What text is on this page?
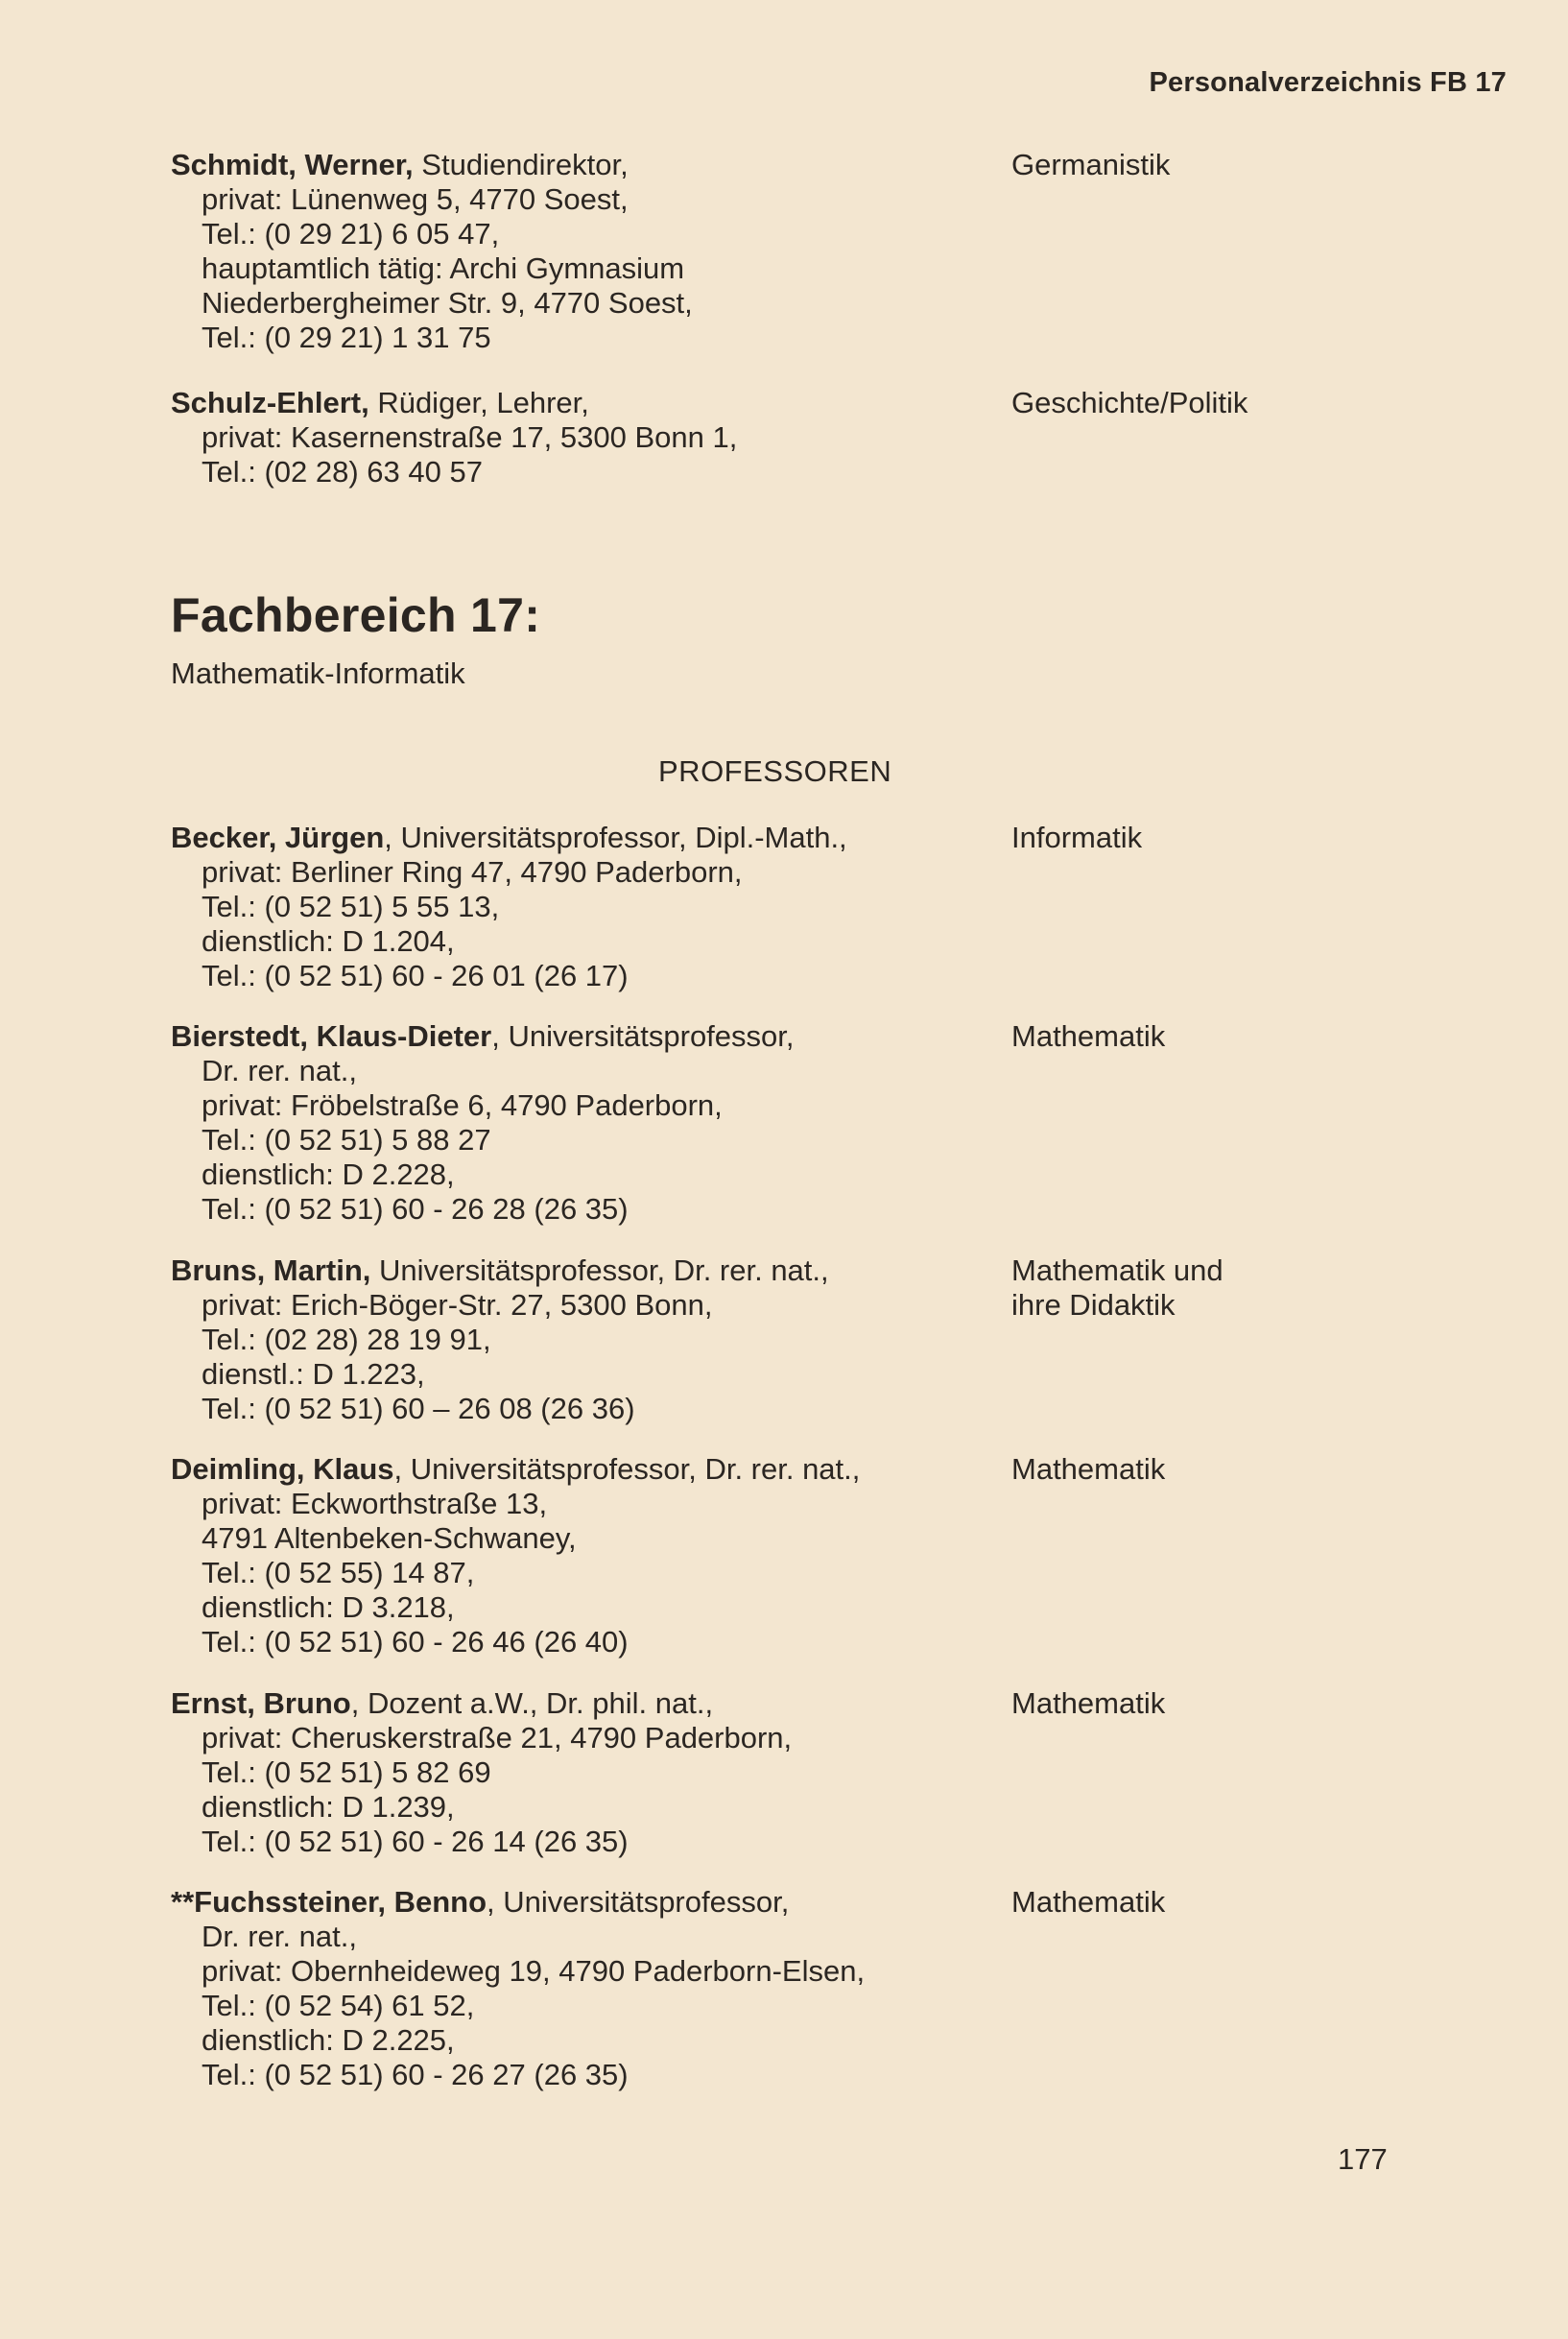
Personalverzeichnis FB 17
Schmidt, Werner, Studiendirektor,
privat: Lünenweg 5, 4770 Soest,
Tel.: (0 29 21) 6 05 47,
hauptamtlich tätig: Archi Gymnasium
Niederbergheimer Str. 9, 4770 Soest,
Tel.: (0 29 21) 1 31 75
Germanistik
Schulz-Ehlert, Rüdiger, Lehrer,
privat: Kasernenstraße 17, 5300 Bonn 1,
Tel.: (02 28) 63 40 57
Geschichte/Politik
Fachbereich 17:
Mathematik-Informatik
PROFESSOREN
Becker, Jürgen, Universitätsprofessor, Dipl.-Math.,
privat: Berliner Ring 47, 4790 Paderborn,
Tel.: (0 52 51) 5 55 13,
dienstlich: D 1.204,
Tel.: (0 52 51) 60 - 26 01 (26 17)
Informatik
Bierstedt, Klaus-Dieter, Universitätsprofessor,
Dr. rer. nat.,
privat: Fröbelstraße 6, 4790 Paderborn,
Tel.: (0 52 51) 5 88 27
dienstlich: D 2.228,
Tel.: (0 52 51) 60 - 26 28 (26 35)
Mathematik
Bruns, Martin, Universitätsprofessor, Dr. rer. nat.,
privat: Erich-Böger-Str. 27, 5300 Bonn,
Tel.: (02 28) 28 19 91,
dienstl.: D 1.223,
Tel.: (0 52 51) 60 – 26 08 (26 36)
Mathematik und
ihre Didaktik
Deimling, Klaus, Universitätsprofessor, Dr. rer. nat.,
privat: Eckworthstraße 13,
4791 Altenbeken-Schwaney,
Tel.: (0 52 55) 14 87,
dienstlich: D 3.218,
Tel.: (0 52 51) 60 - 26 46 (26 40)
Mathematik
Ernst, Bruno, Dozent a.W., Dr. phil. nat.,
privat: Cheruskerstraße 21, 4790 Paderborn,
Tel.: (0 52 51) 5 82 69
dienstlich: D 1.239,
Tel.: (0 52 51) 60 - 26 14 (26 35)
Mathematik
**Fuchssteiner, Benno, Universitätsprofessor,
Dr. rer. nat.,
privat: Obernheideweg 19, 4790 Paderborn-Elsen,
Tel.: (0 52 54) 61 52,
dienstlich: D 2.225,
Tel.: (0 52 51) 60 - 26 27 (26 35)
Mathematik
177
